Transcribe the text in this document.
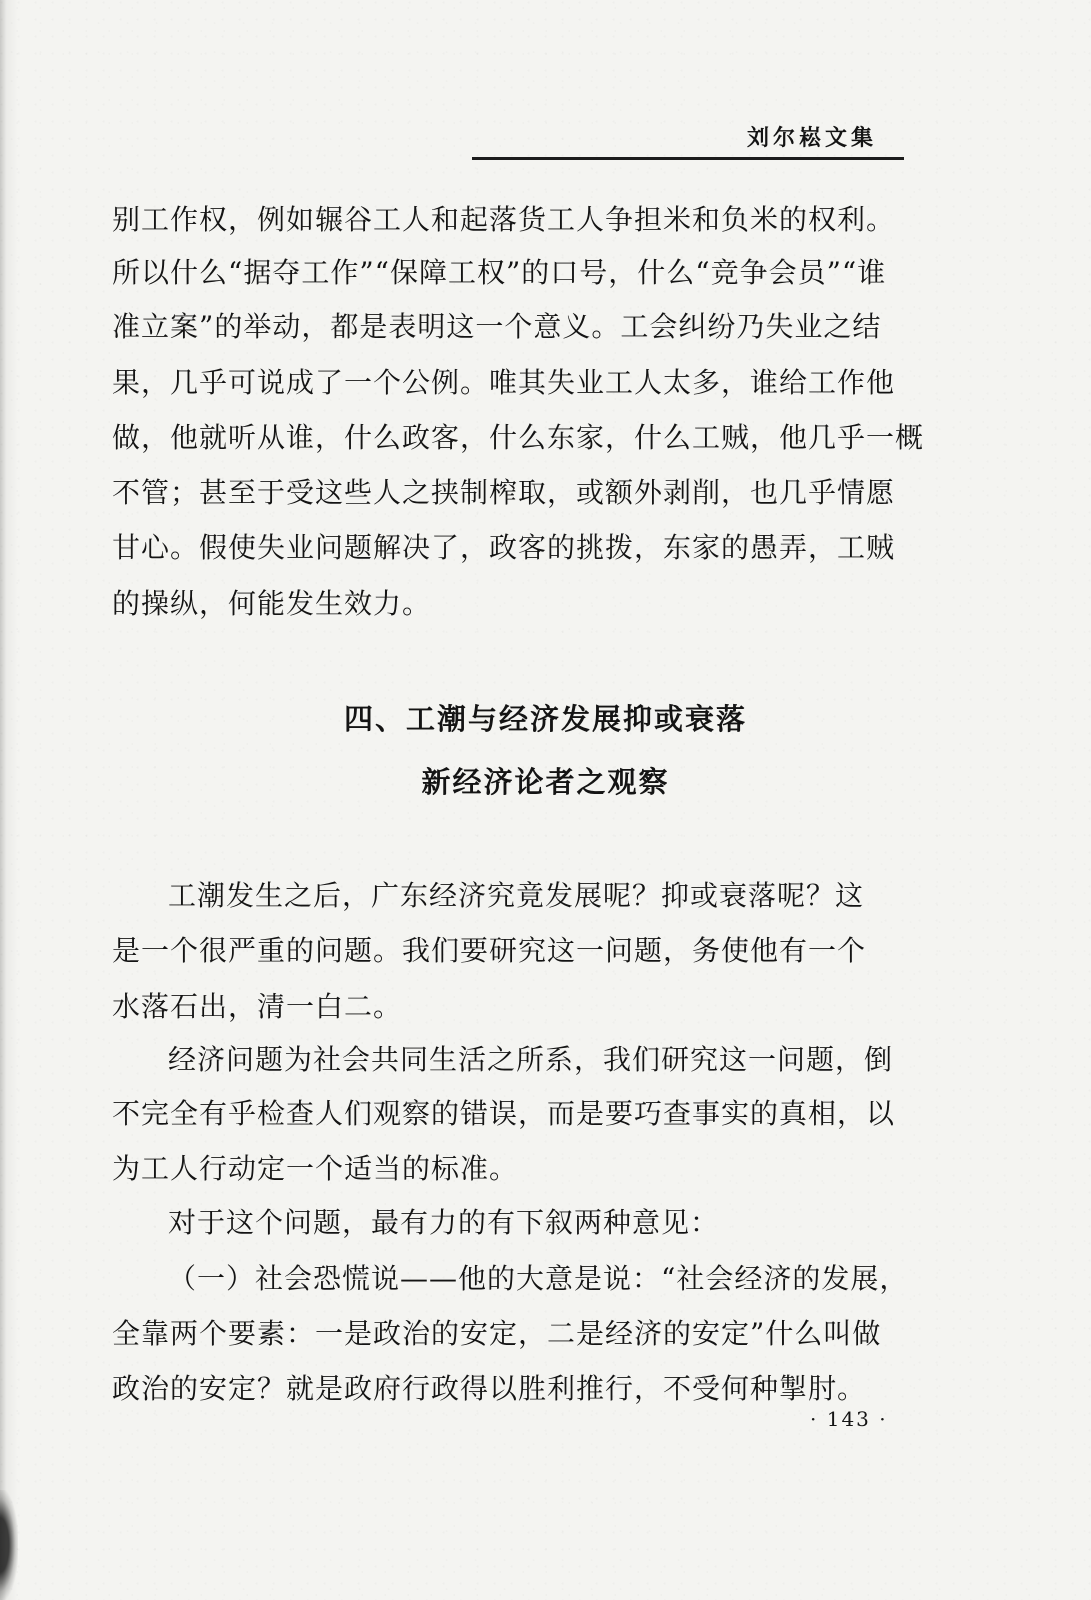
刘尔崧文集
别工作权，例如辗谷工人和起落货工人争担米和负米的权利。
所以什么“据夺工作”“保障工权”的口号，什么“竞争会员”“谁
准立案”的举动，都是表明这一个意义。工会纠纷乃失业之结
果，几乎可说成了一个公例。唯其失业工人太多，谁给工作他
做，他就听从谁，什么政客，什么东家，什么工贼，他几乎一概
不管；甚至于受这些人之挟制榨取，或额外剥削，也几乎情愿
甘心。假使失业问题解决了，政客的挑拨，东家的愚弄，工贼
的操纵，何能发生效力。
四、工潮与经济发展抑或衰落
新经济论者之观察
工潮发生之后，广东经济究竟发展呢？抑或衰落呢？这
是一个很严重的问题。我们要研究这一问题，务使他有一个
水落石出，清一白二。
经济问题为社会共同生活之所系，我们研究这一问题，倒
不完全有乎检查人们观察的错误，而是要巧查事实的真相，以
为工人行动定一个适当的标准。
对于这个问题，最有力的有下叙两种意见：
（一）社会恐慌说——他的大意是说：“社会经济的发展，
全靠两个要素：一是政治的安定，二是经济的安定”什么叫做
政治的安定？就是政府行政得以胜利推行，不受何种掣肘。
· 143 ·
